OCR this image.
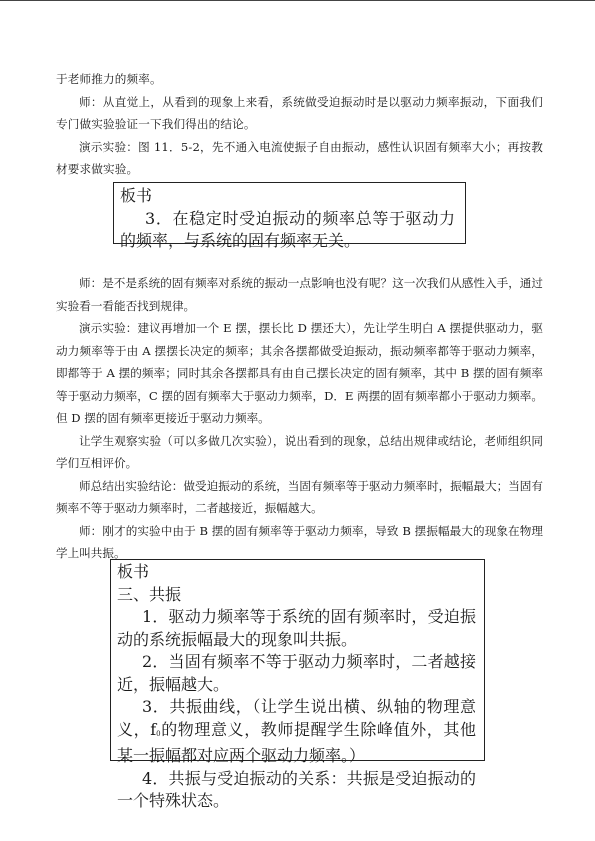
于老师推力的频率。

师：从直觉上，从看到的现象上来看，系统做受迫振动时是以驱动力频率振动，下面我们专门做实验验证一下我们得出的结论。

演示实验：图 11．5-2，先不通入电流使振子自由振动，感性认识固有频率大小；再按教材要求做实验。

板书

3．在稳定时受迫振动的频率总等于驱动力的频率，与系统的固有频率无关。

师：是不是系统的固有频率对系统的振动一点影响也没有呢？这一次我们从感性入手，通过实验看一看能否找到规律。

演示实验：建议再增加一个 E 摆，摆长比 D 摆还大），先让学生明白 A 摆提供驱动力，驱动力频率等于由 A 摆摆长决定的频率；其余各摆都做受迫振动，振动频率都等于驱动力频率，即都等于 A 摆的频率；同时其余各摆都具有由自己摆长决定的固有频率，其中 B 摆的固有频率等于驱动力频率，C 摆的固有频率大于驱动力频率，D．E 两摆的固有频率都小于驱动力频率。但 D 摆的固有频率更接近于驱动力频率。

让学生观察实验（可以多做几次实验），说出看到的现象，总结出规律或结论，老师组织同学们互相评价。

师总结出实验结论：做受迫振动的系统，当固有频率等于驱动力频率时，振幅最大；当固有频率不等于驱动力频率时，二者越接近，振幅越大。

师：刚才的实验中由于 B 摆的固有频率等于驱动力频率，导致 B 摆振幅最大的现象在物理学上叫共振。

板书

三、共振

1．驱动力频率等于系统的固有频率时，受迫振动的系统振幅最大的现象叫共振。

2．当固有频率不等于驱动力频率时，二者越接近，振幅越大。

3．共振曲线，（让学生说出横、纵轴的物理意义，$f_0$的物理意义，教师提醒学生除峰值外，其他某一振幅都对应两个驱动力频率。）

4．共振与受迫振动的关系：共振是受迫振动的一个特殊状态。
